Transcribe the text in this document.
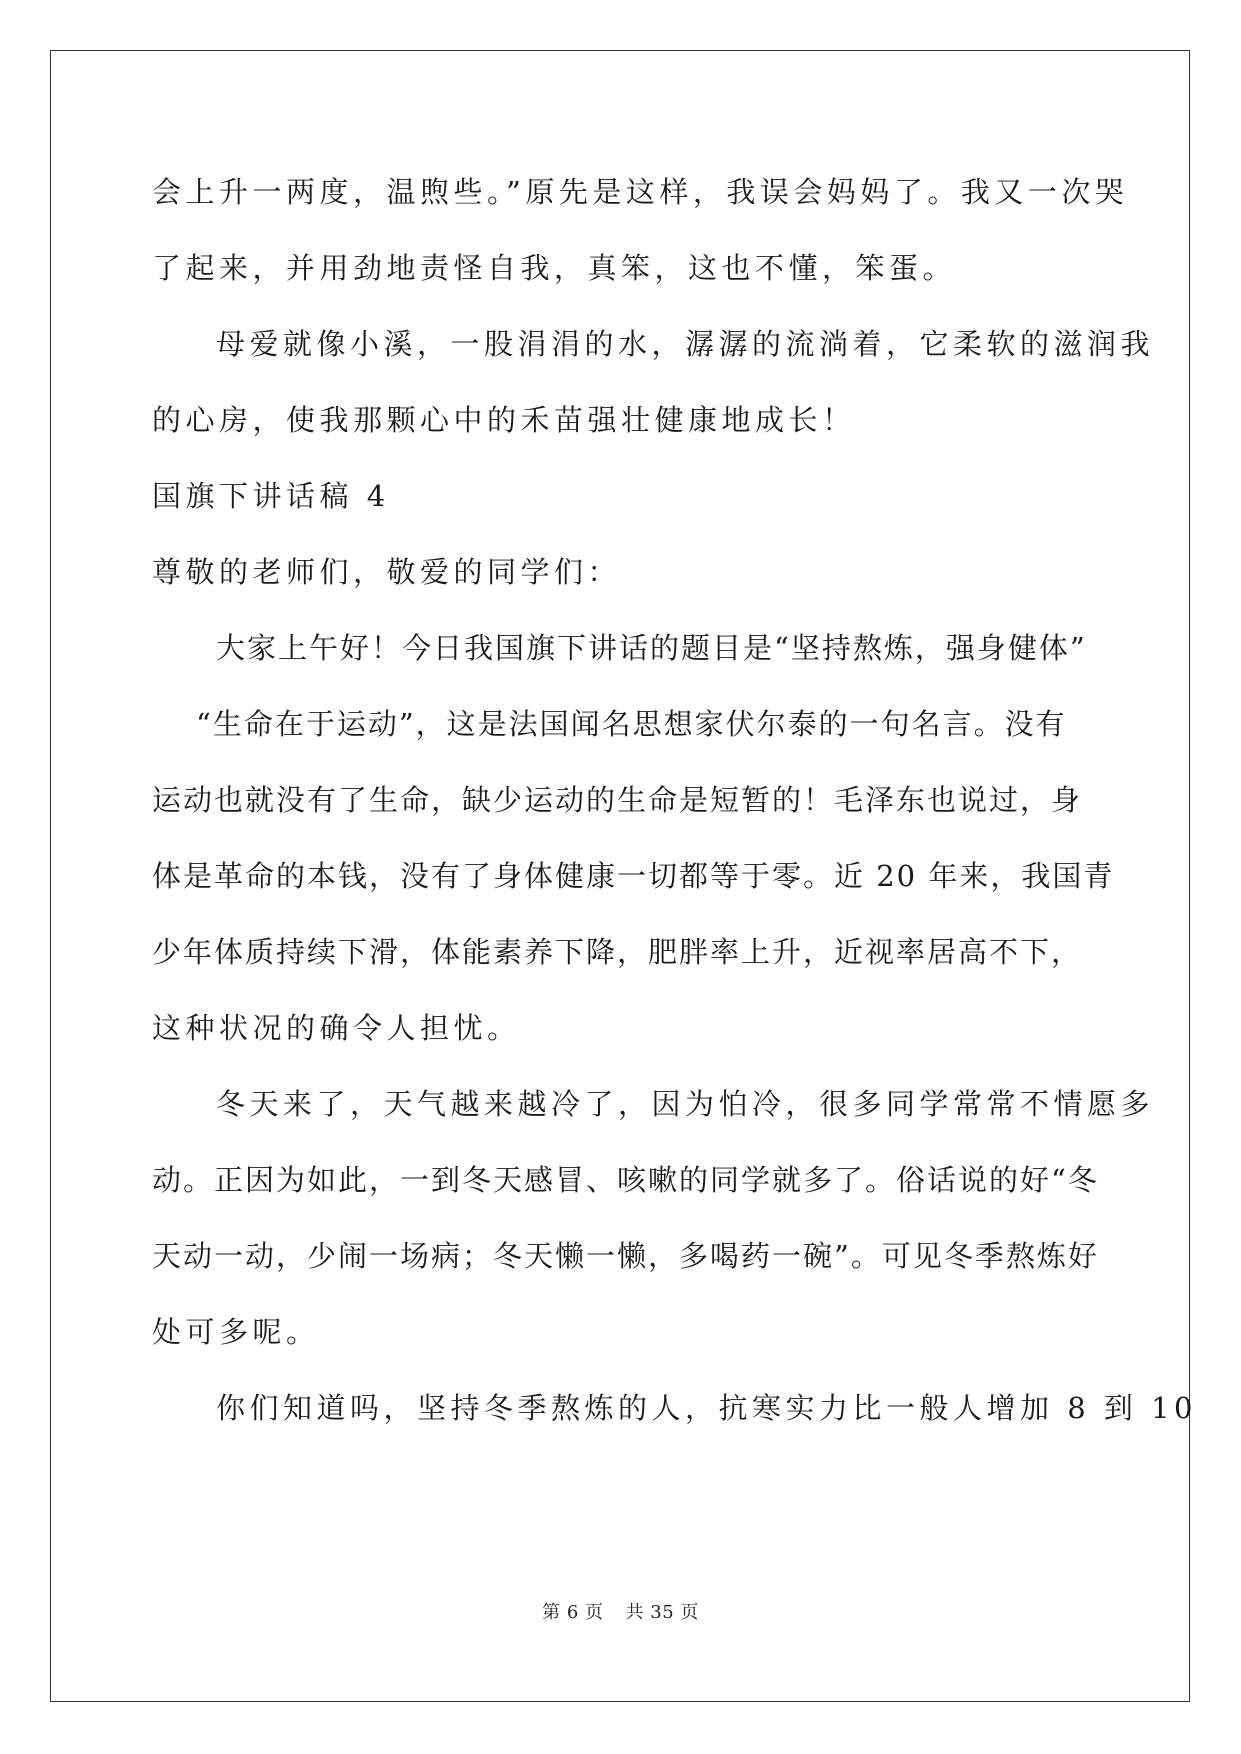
会上升一两度，温煦些。”原先是这样，我误会妈妈了。我又一次哭
了起来，并用劲地责怪自我，真笨，这也不懂，笨蛋。
母爱就像小溪，一股涓涓的水，潺潺的流淌着，它柔软的滋润我
的心房，使我那颗心中的禾苗强壮健康地成长！
国旗下讲话稿 4
尊敬的老师们，敬爱的同学们：
大家上午好！今日我国旗下讲话的题目是“坚持熬炼，强身健体”
“生命在于运动”，这是法国闻名思想家伏尔泰的一句名言。没有
运动也就没有了生命，缺少运动的生命是短暂的！毛泽东也说过，身
体是革命的本钱，没有了身体健康一切都等于零。近 20 年来，我国青
少年体质持续下滑，体能素养下降，肥胖率上升，近视率居高不下，
这种状况的确令人担忧。
冬天来了，天气越来越冷了，因为怕冷，很多同学常常不情愿多
动。正因为如此，一到冬天感冒、咳嗽的同学就多了。俗话说的好“冬
天动一动，少闹一场病；冬天懒一懒，多喝药一碗”。可见冬季熬炼好
处可多呢。
你们知道吗，坚持冬季熬炼的人，抗寒实力比一般人增加 8 到 10
第 6 页 共 35 页
